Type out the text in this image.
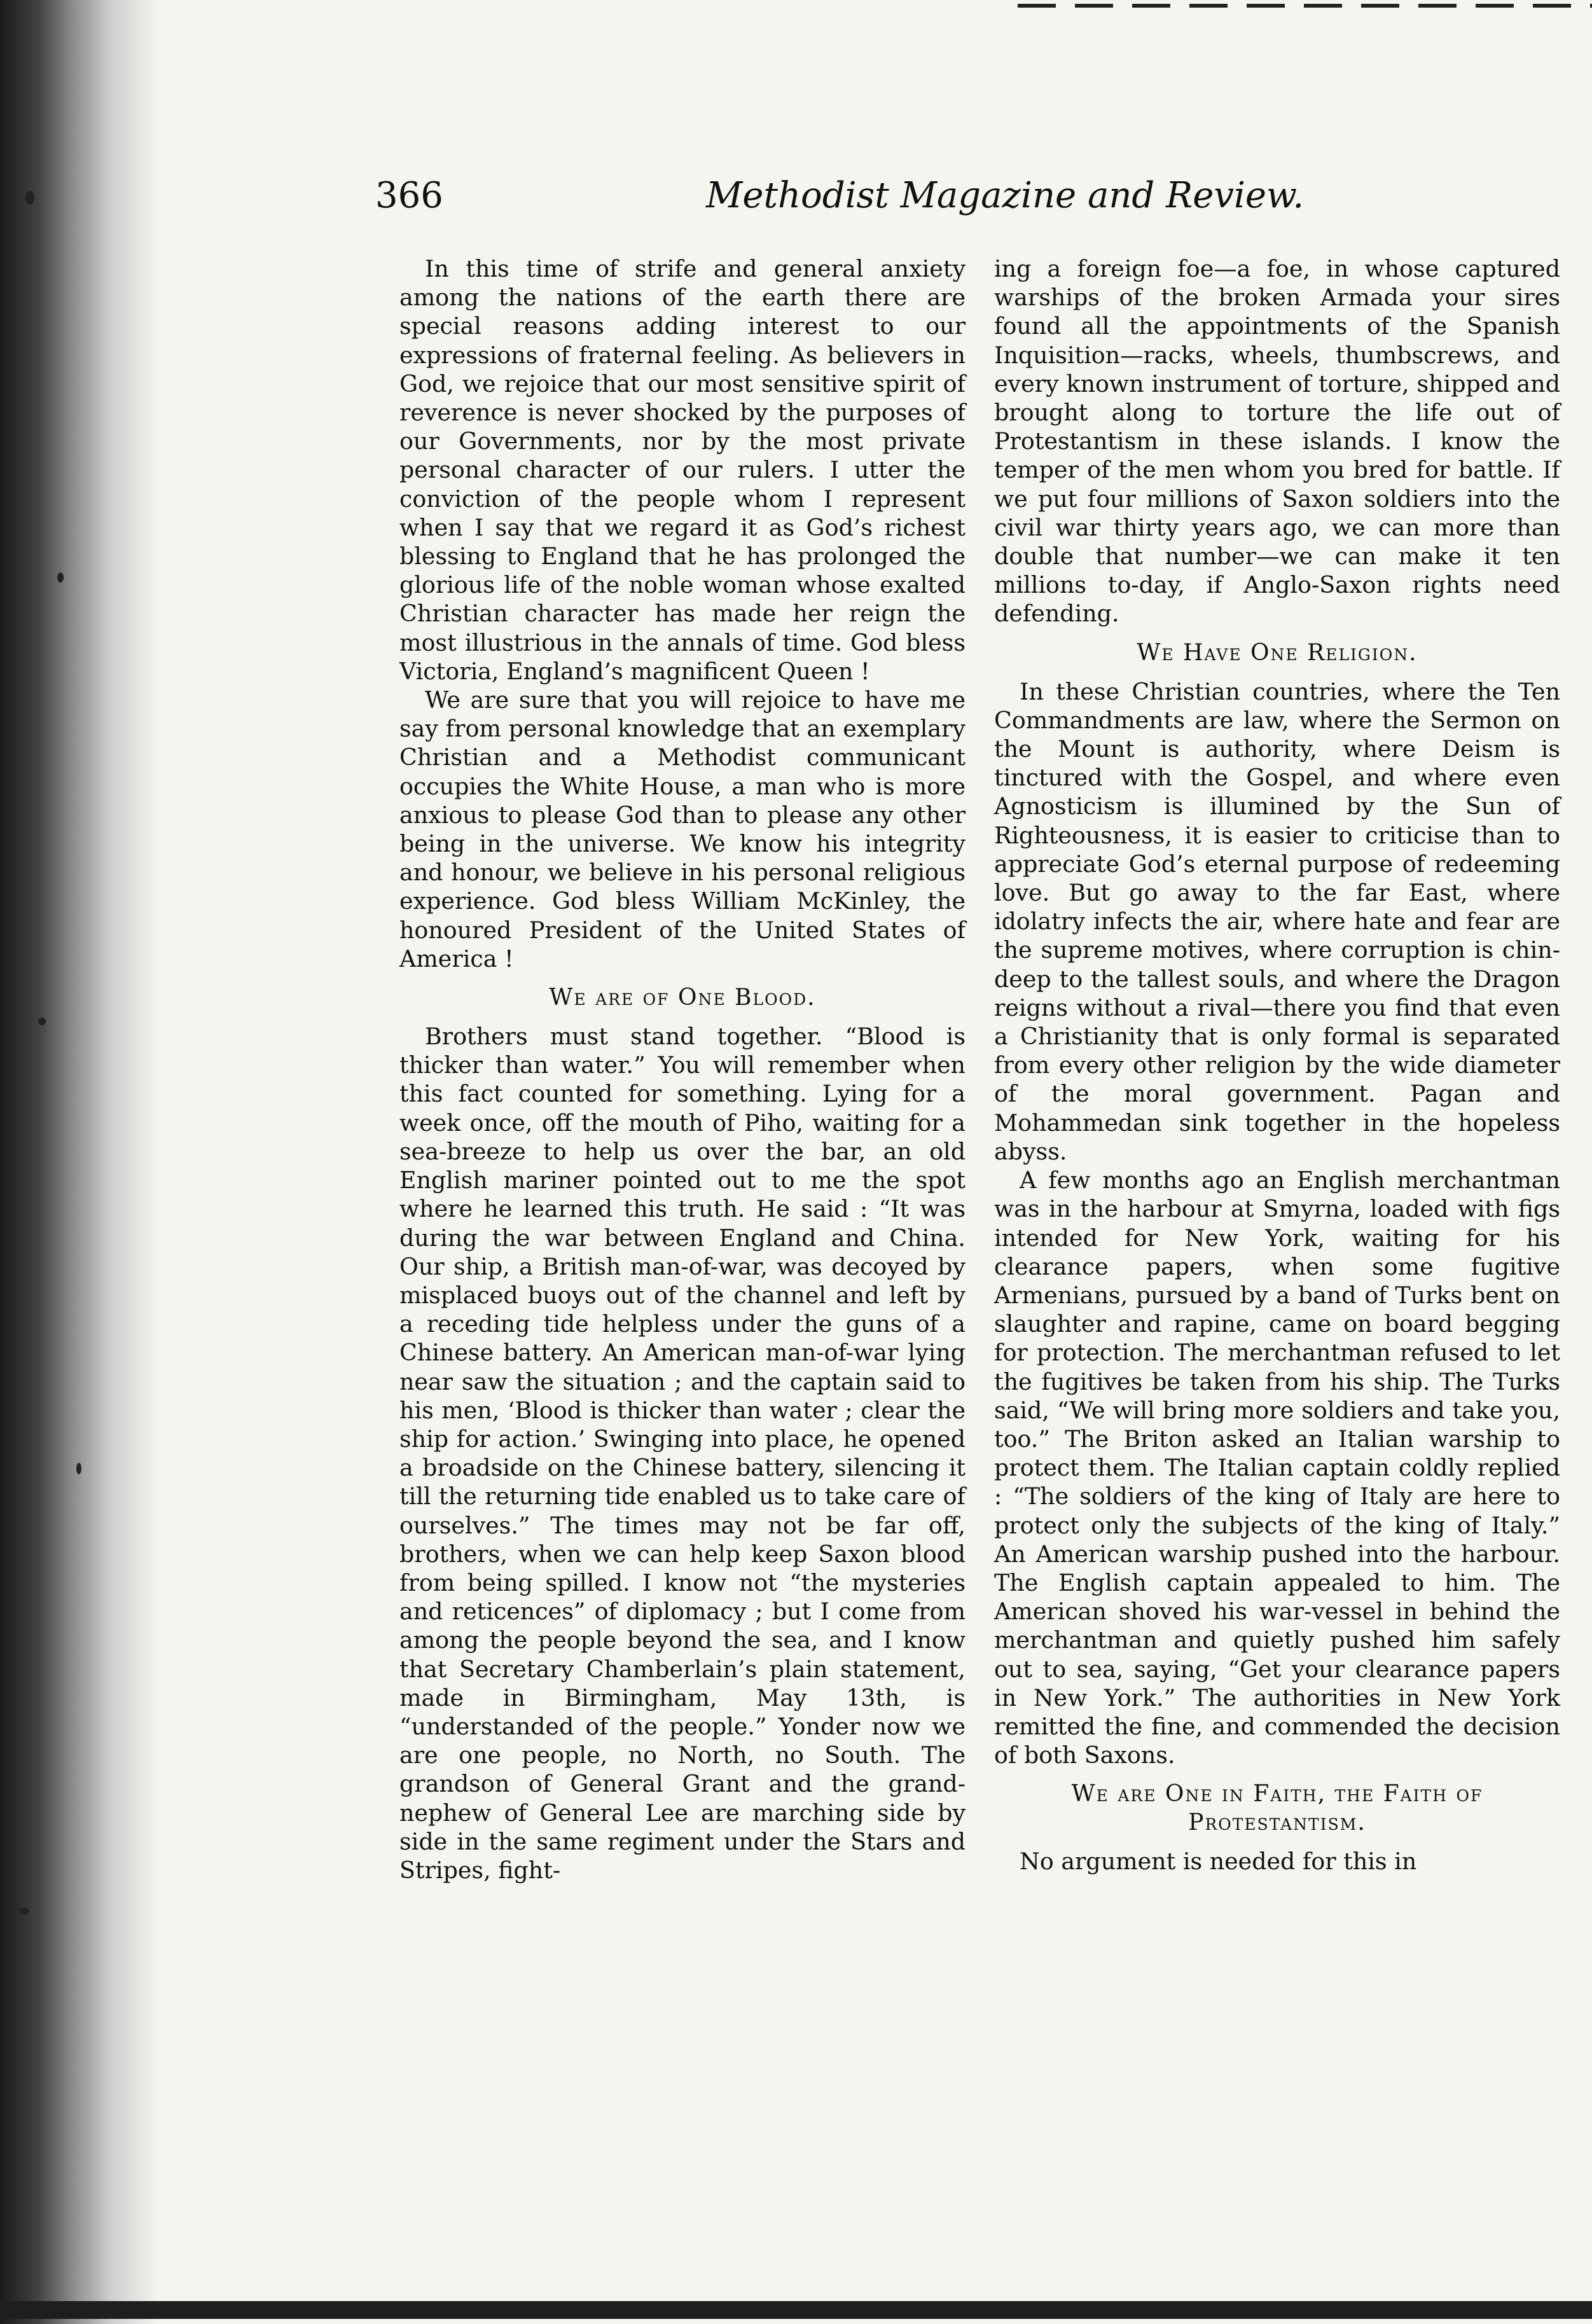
366	Methodist Magazine and Review.

In this time of strife and general anxiety among the nations of the earth there are special reasons adding interest to our expressions of fraternal feeling. As believers in God, we rejoice that our most sensitive spirit of reverence is never shocked by the purposes of our Governments, nor by the most private personal character of our rulers. I utter the conviction of the people whom I represent when I say that we regard it as God’s richest blessing to England that he has prolonged the glorious life of the noble woman whose exalted Christian character has made her reign the most illustrious in the annals of time. God bless Victoria, England’s magnificent Queen !

We are sure that you will rejoice to have me say from personal knowledge that an exemplary Christian and a Methodist communicant occupies the White House, a man who is more anxious to please God than to please any other being in the universe. We know his integrity and honour, we believe in his personal religious experience. God bless William McKinley, the honoured President of the United States of America !

We are of One Blood.

Brothers must stand together. “Blood is thicker than water.” You will remember when this fact counted for something. Lying for a week once, off the mouth of Piho, waiting for a sea-breeze to help us over the bar, an old English mariner pointed out to me the spot where he learned this truth. He said : “It was during the war between England and China. Our ship, a British man-of-war, was decoyed by misplaced buoys out of the channel and left by a receding tide helpless under the guns of a Chinese battery. An American man-of-war lying near saw the situation ; and the captain said to his men, ‘Blood is thicker than water ; clear the ship for action.’ Swinging into place, he opened a broadside on the Chinese battery, silencing it till the returning tide enabled us to take care of ourselves.” The times may not be far off, brothers, when we can help keep Saxon blood from being spilled. I know not “the mysteries and reticences” of diplomacy ; but I come from among the people beyond the sea, and I know that Secretary Chamberlain’s plain statement, made in Birmingham, May 13th, is “understanded of the people.” Yonder now we are one people, no North, no South. The grandson of General Grant and the grand-nephew of General Lee are marching side by side in the same regiment under the Stars and Stripes, fight-

ing a foreign foe—a foe, in whose captured warships of the broken Armada your sires found all the appointments of the Spanish Inquisition—racks, wheels, thumbscrews, and every known instrument of torture, shipped and brought along to torture the life out of Protestantism in these islands. I know the temper of the men whom you bred for battle. If we put four millions of Saxon soldiers into the civil war thirty years ago, we can more than double that number—we can make it ten millions to-day, if Anglo-Saxon rights need defending.

We Have One Religion.

In these Christian countries, where the Ten Commandments are law, where the Sermon on the Mount is authority, where Deism is tinctured with the Gospel, and where even Agnosticism is illumined by the Sun of Righteousness, it is easier to criticise than to appreciate God’s eternal purpose of redeeming love. But go away to the far East, where idolatry infects the air, where hate and fear are the supreme motives, where corruption is chin-deep to the tallest souls, and where the Dragon reigns without a rival—there you find that even a Christianity that is only formal is separated from every other religion by the wide diameter of the moral government. Pagan and Mohammedan sink together in the hopeless abyss.

A few months ago an English merchantman was in the harbour at Smyrna, loaded with figs intended for New York, waiting for his clearance papers, when some fugitive Armenians, pursued by a band of Turks bent on slaughter and rapine, came on board begging for protection. The merchantman refused to let the fugitives be taken from his ship. The Turks said, “We will bring more soldiers and take you, too.” The Briton asked an Italian warship to protect them. The Italian captain coldly replied : “The soldiers of the king of Italy are here to protect only the subjects of the king of Italy.” An American warship pushed into the harbour. The English captain appealed to him. The American shoved his war-vessel in behind the merchantman and quietly pushed him safely out to sea, saying, “Get your clearance papers in New York.” The authorities in New York remitted the fine, and commended the decision of both Saxons.

We are One in Faith, the Faith of Protestantism.

No argument is needed for this in
